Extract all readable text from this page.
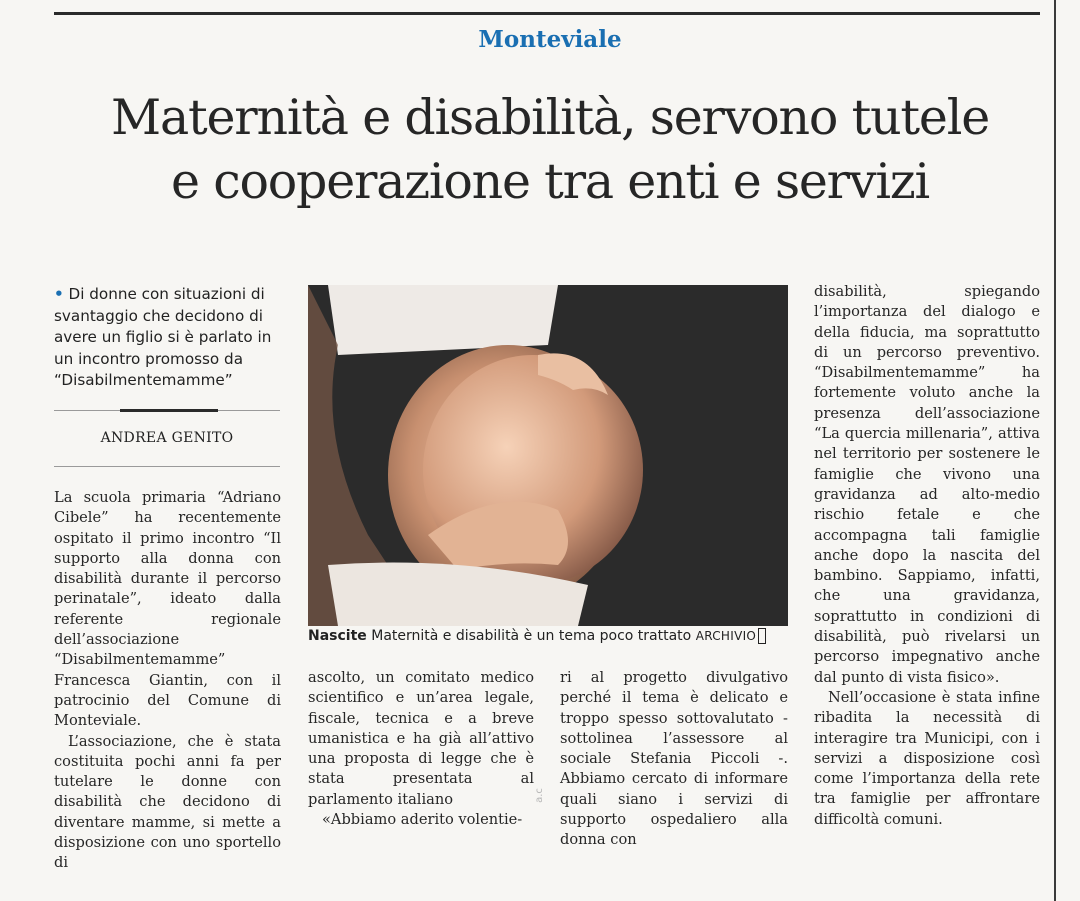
Monteviale
Maternità e disabilità, servono tutele
e cooperazione tra enti e servizi
• Di donne con situazioni di svantaggio che decidono di avere un figlio si è parlato in un incontro promosso da “Disabilmentemamme”
ANDREA GENITO

La scuola primaria “Adriano Cibele” ha recentemente ospitato il primo incontro “Il supporto alla donna con disabilità durante il percorso perinatale”, ideato dalla referente regionale dell’associazione “Disabilmentemamme” Francesca Giantin, con il patrocinio del Comune di Monteviale.

L’associazione, che è stata costituita pochi anni fa per tutelare le donne con disabilità che decidono di diventare mamme, si mette a disposizione con uno sportello di

Nascite Maternità e disabilità è un tema poco trattato ARCHIVIO

ascolto, un comitato medico scientifico e un’area legale, fiscale, tecnica e a breve umanistica e ha già all’attivo una proposta di legge che è stata presentata al parlamento italiano

«Abbiamo aderito volentie-

a.c

ri al progetto divulgativo perché il tema è delicato e troppo spesso sottovalutato - sottolinea l’assessore al sociale Stefania Piccoli -. Abbiamo cercato di informare quali siano i servizi di supporto ospedaliero alla donna con

disabilità, spiegando l’importanza del dialogo e della fiducia, ma soprattutto di un percorso preventivo. “Disabilmentemamme” ha fortemente voluto anche la presenza dell’associazione “La quercia millenaria”, attiva nel territorio per sostenere le famiglie che vivono una gravidanza ad alto-medio rischio fetale e che accompagna tali famiglie anche dopo la nascita del bambino. Sappiamo, infatti, che una gravidanza, soprattutto in condizioni di disabilità, può rivelarsi un percorso impegnativo anche dal punto di vista fisico».

Nell’occasione è stata infine ribadita la necessità di interagire tra Municipi, con i servizi a disposizione così come l’importanza della rete tra famiglie per affrontare difficoltà comuni.
